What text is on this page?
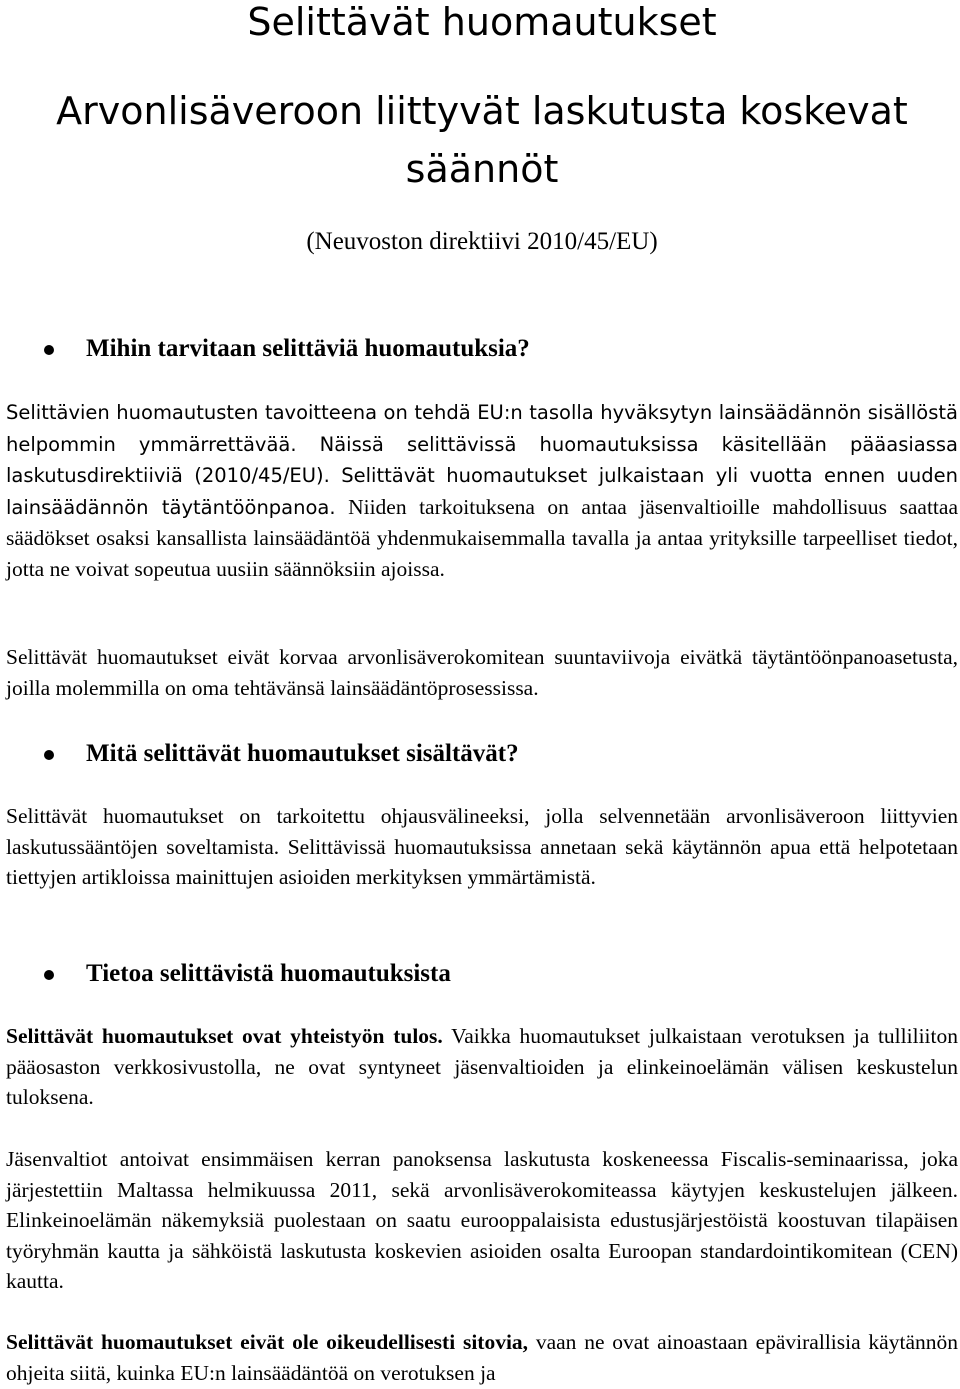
Selittävät huomautukset
Arvonlisäveroon liittyvät laskutusta koskevat säännöt

(Neuvoston direktiivi 2010/45/EU)

Mihin tarvitaan selittäviä huomautuksia?

Selittävien huomautusten tavoitteena on tehdä EU:n tasolla hyväksytyn lainsäädännön sisällöstä helpommin ymmärrettävää. Näissä selittävissä huomautuksissa käsitellään pääasiassa laskutusdirektiiviä (2010/45/EU). Selittävät huomautukset julkaistaan yli vuotta ennen uuden lainsäädännön täytäntöönpanoa. Niiden tarkoituksena on antaa jäsenvaltioille mahdollisuus saattaa säädökset osaksi kansallista lainsäädäntöä yhdenmukaisemmalla tavalla ja antaa yrityksille tarpeelliset tiedot, jotta ne voivat sopeutua uusiin säännöksiin ajoissa.

Selittävät huomautukset eivät korvaa arvonlisäverokomitean suuntaviivoja eivätkä täytäntöönpanoasetusta, joilla molemmilla on oma tehtävänsä lainsäädäntöprosessissa.

Mitä selittävät huomautukset sisältävät?

Selittävät huomautukset on tarkoitettu ohjausvälineeksi, jolla selvennetään arvonlisäveroon liittyvien laskutussääntöjen soveltamista. Selittävissä huomautuksissa annetaan sekä käytännön apua että helpotetaan tiettyjen artikloissa mainittujen asioiden merkityksen ymmärtämistä.

Tietoa selittävistä huomautuksista

Selittävät huomautukset ovat yhteistyön tulos. Vaikka huomautukset julkaistaan verotuksen ja tulliliiton pääosaston verkkosivustolla, ne ovat syntyneet jäsenvaltioiden ja elinkeinoelämän välisen keskustelun tuloksena.

Jäsenvaltiot antoivat ensimmäisen kerran panoksensa laskutusta koskeneessa Fiscalis-seminaarissa, joka järjestettiin Maltassa helmikuussa 2011, sekä arvonlisäverokomiteassa käytyjen keskustelujen jälkeen. Elinkeinoelämän näkemyksiä puolestaan on saatu eurooppalaisista edustusjärjestöistä koostuvan tilapäisen työryhmän kautta ja sähköistä laskutusta koskevien asioiden osalta Euroopan standardointikomitean (CEN) kautta.

Selittävät huomautukset eivät ole oikeudellisesti sitovia, vaan ne ovat ainoastaan epävirallisia käytännön ohjeita siitä, kuinka EU:n lainsäädäntöä on verotuksen ja
